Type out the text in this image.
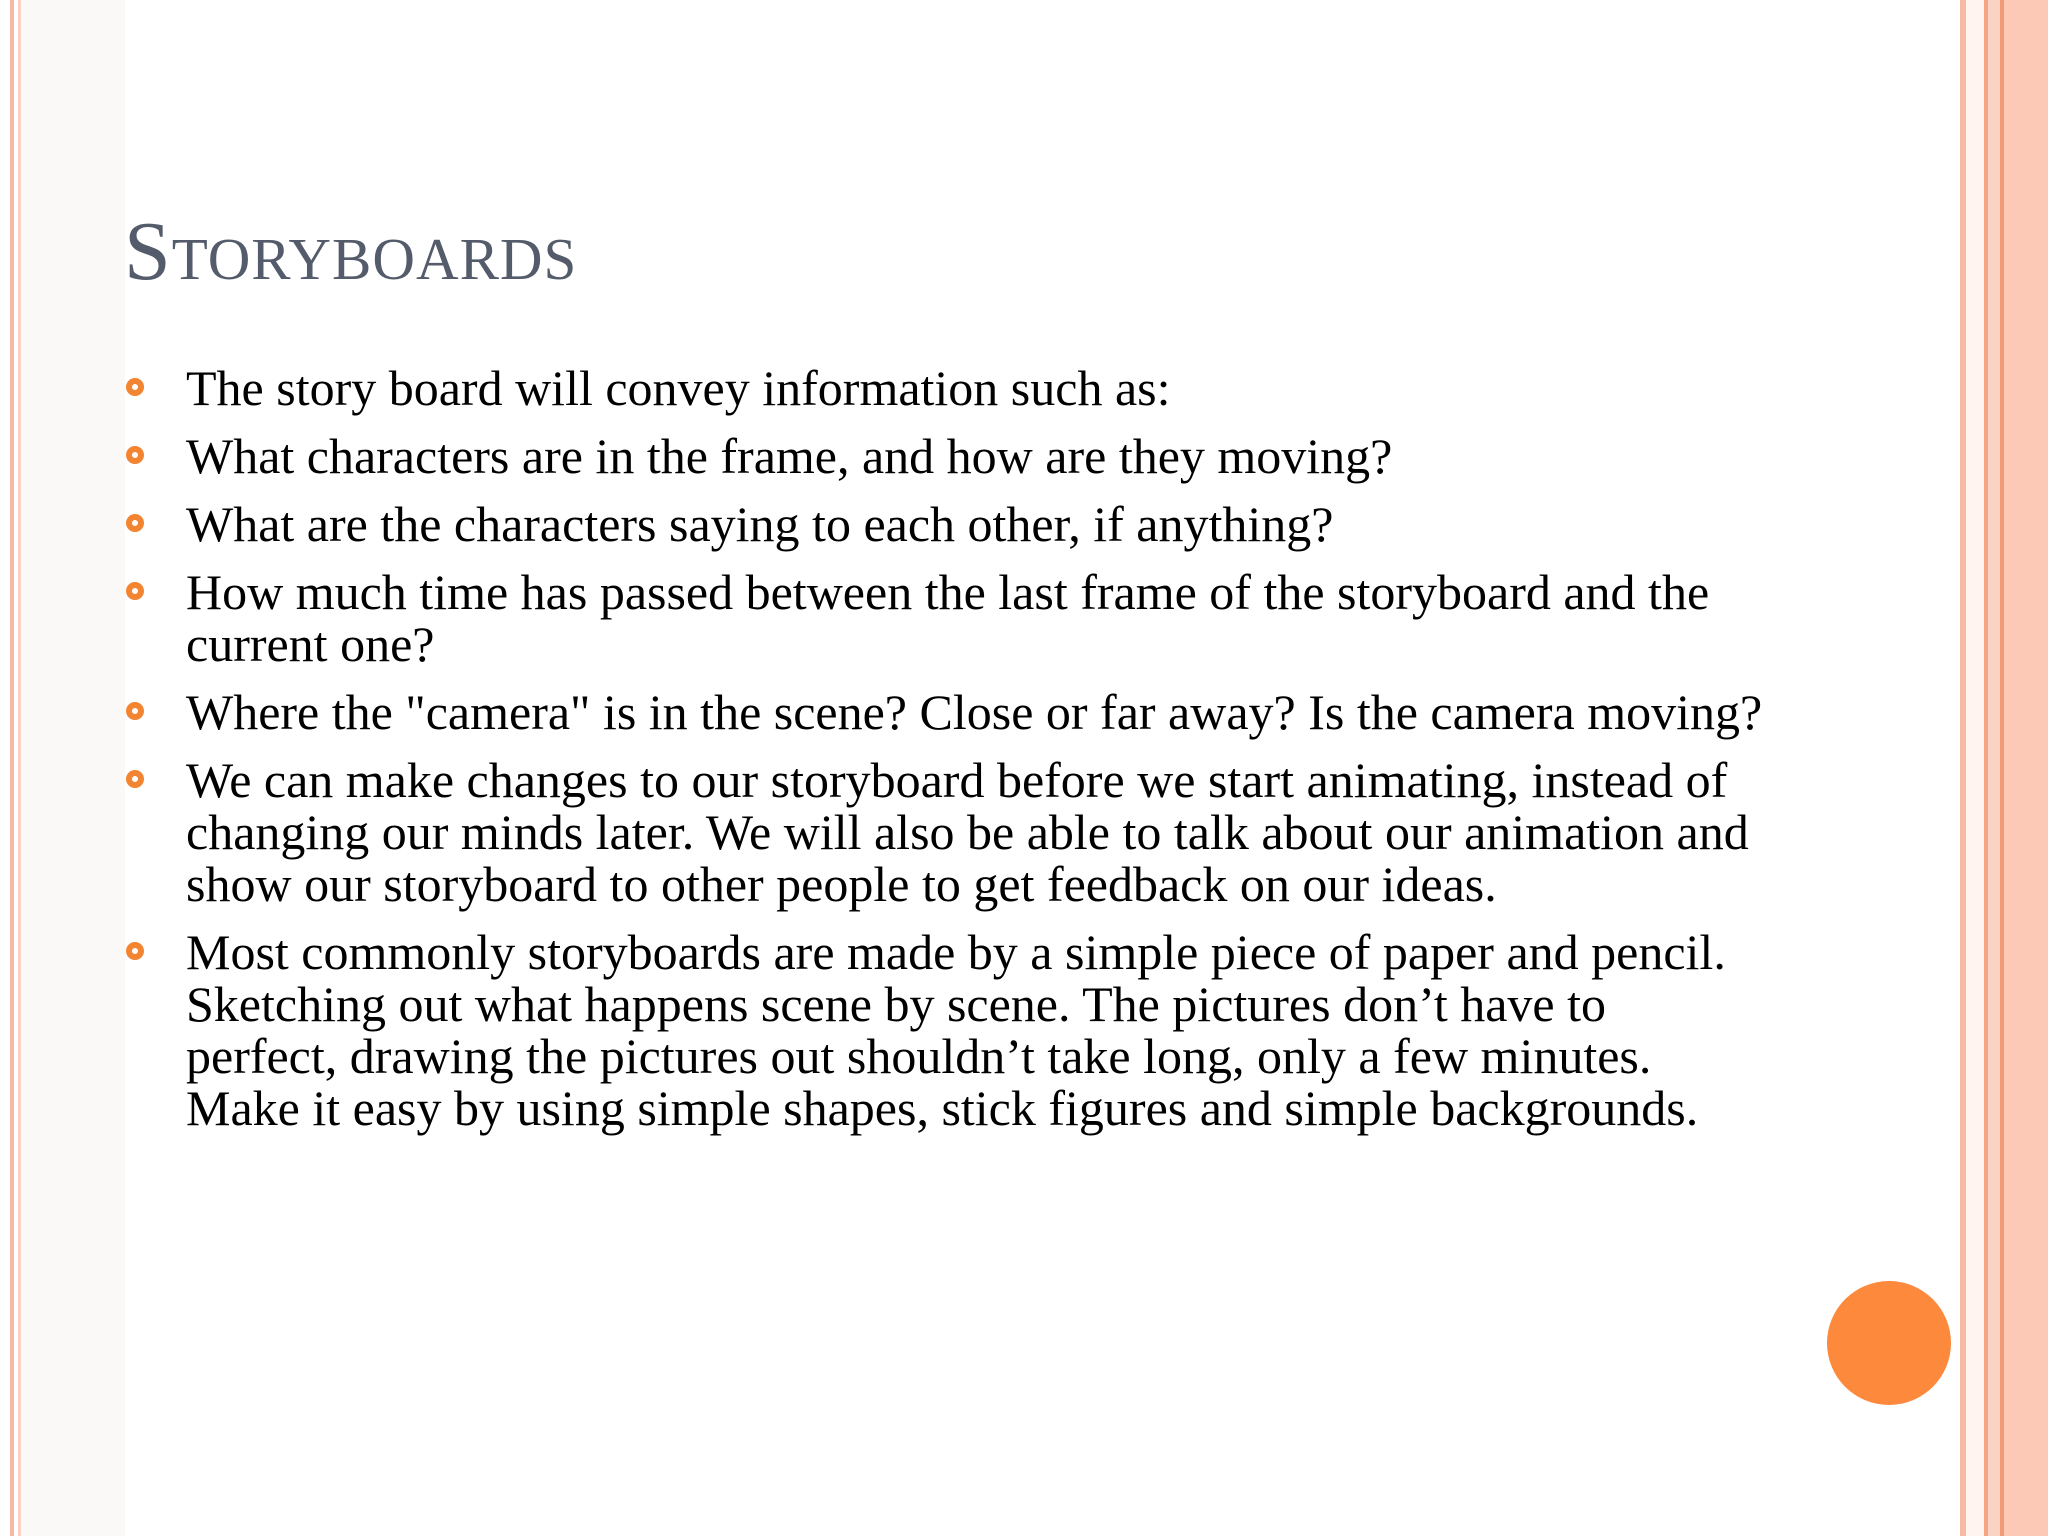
Storyboards
The story board will convey information such as:
What characters are in the frame, and how are they moving?
What are the characters saying to each other, if anything?
How much time has passed between the last frame of the storyboard and the current one?
Where the "camera" is in the scene? Close or far away? Is the camera moving?
We can make changes to our storyboard before we start animating, instead of changing our minds later. We will also be able to talk about our animation and show our storyboard to other people to get feedback on our ideas.
Most commonly storyboards are made by a simple piece of paper and pencil. Sketching out what happens scene by scene. The pictures don’t have to perfect, drawing the pictures out shouldn’t take long, only a few minutes. Make it easy by using simple shapes, stick figures and simple backgrounds.
